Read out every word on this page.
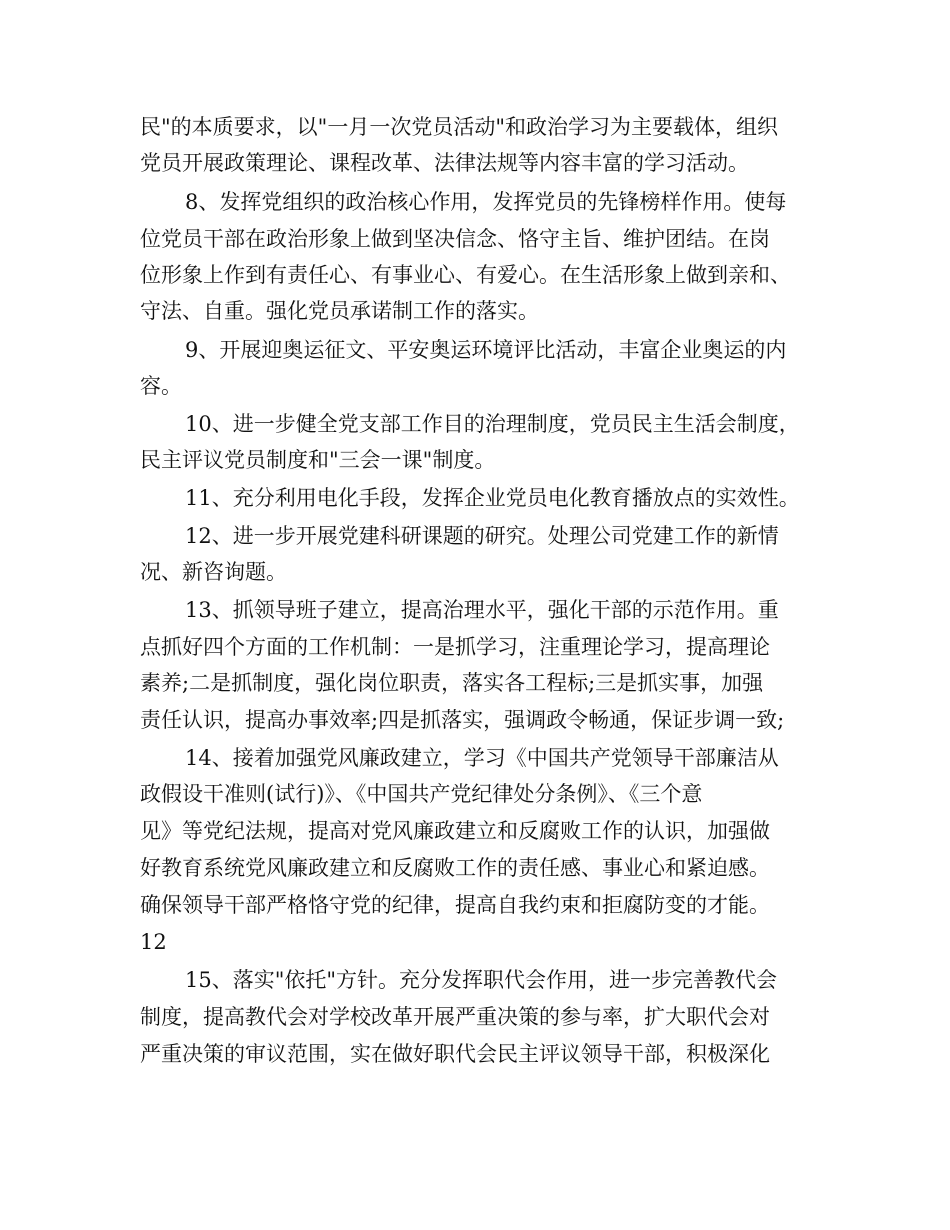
民"的本质要求，以"一月一次党员活动"和政治学习为主要载体，组织
党员开展政策理论、课程改革、法律法规等内容丰富的学习活动。
8、发挥党组织的政治核心作用，发挥党员的先锋榜样作用。使每
位党员干部在政治形象上做到坚决信念、恪守主旨、维护团结。在岗
位形象上作到有责任心、有事业心、有爱心。在生活形象上做到亲和、
守法、自重。强化党员承诺制工作的落实。
9、开展迎奥运征文、平安奥运环境评比活动，丰富企业奥运的内
容。
10、进一步健全党支部工作目的治理制度，党员民主生活会制度，
民主评议党员制度和"三会一课"制度。
11、充分利用电化手段，发挥企业党员电化教育播放点的实效性。
12、进一步开展党建科研课题的研究。处理公司党建工作的新情
况、新咨询题。
13、抓领导班子建立，提高治理水平，强化干部的示范作用。重
点抓好四个方面的工作机制：一是抓学习，注重理论学习，提高理论
素养;二是抓制度，强化岗位职责，落实各工程标;三是抓实事，加强
责任认识，提高办事效率;四是抓落实，强调政令畅通，保证步调一致;
14、接着加强党风廉政建立，学习《中国共产党领导干部廉洁从
政假设干准则(试行)》、《中国共产党纪律处分条例》、《三个意
见》等党纪法规，提高对党风廉政建立和反腐败工作的认识，加强做
好教育系统党风廉政建立和反腐败工作的责任感、事业心和紧迫感。
确保领导干部严格恪守党的纪律，提高自我约束和拒腐防变的才能。
12
15、落实"依托"方针。充分发挥职代会作用，进一步完善教代会
制度，提高教代会对学校改革开展严重决策的参与率，扩大职代会对
严重决策的审议范围，实在做好职代会民主评议领导干部，积极深化
